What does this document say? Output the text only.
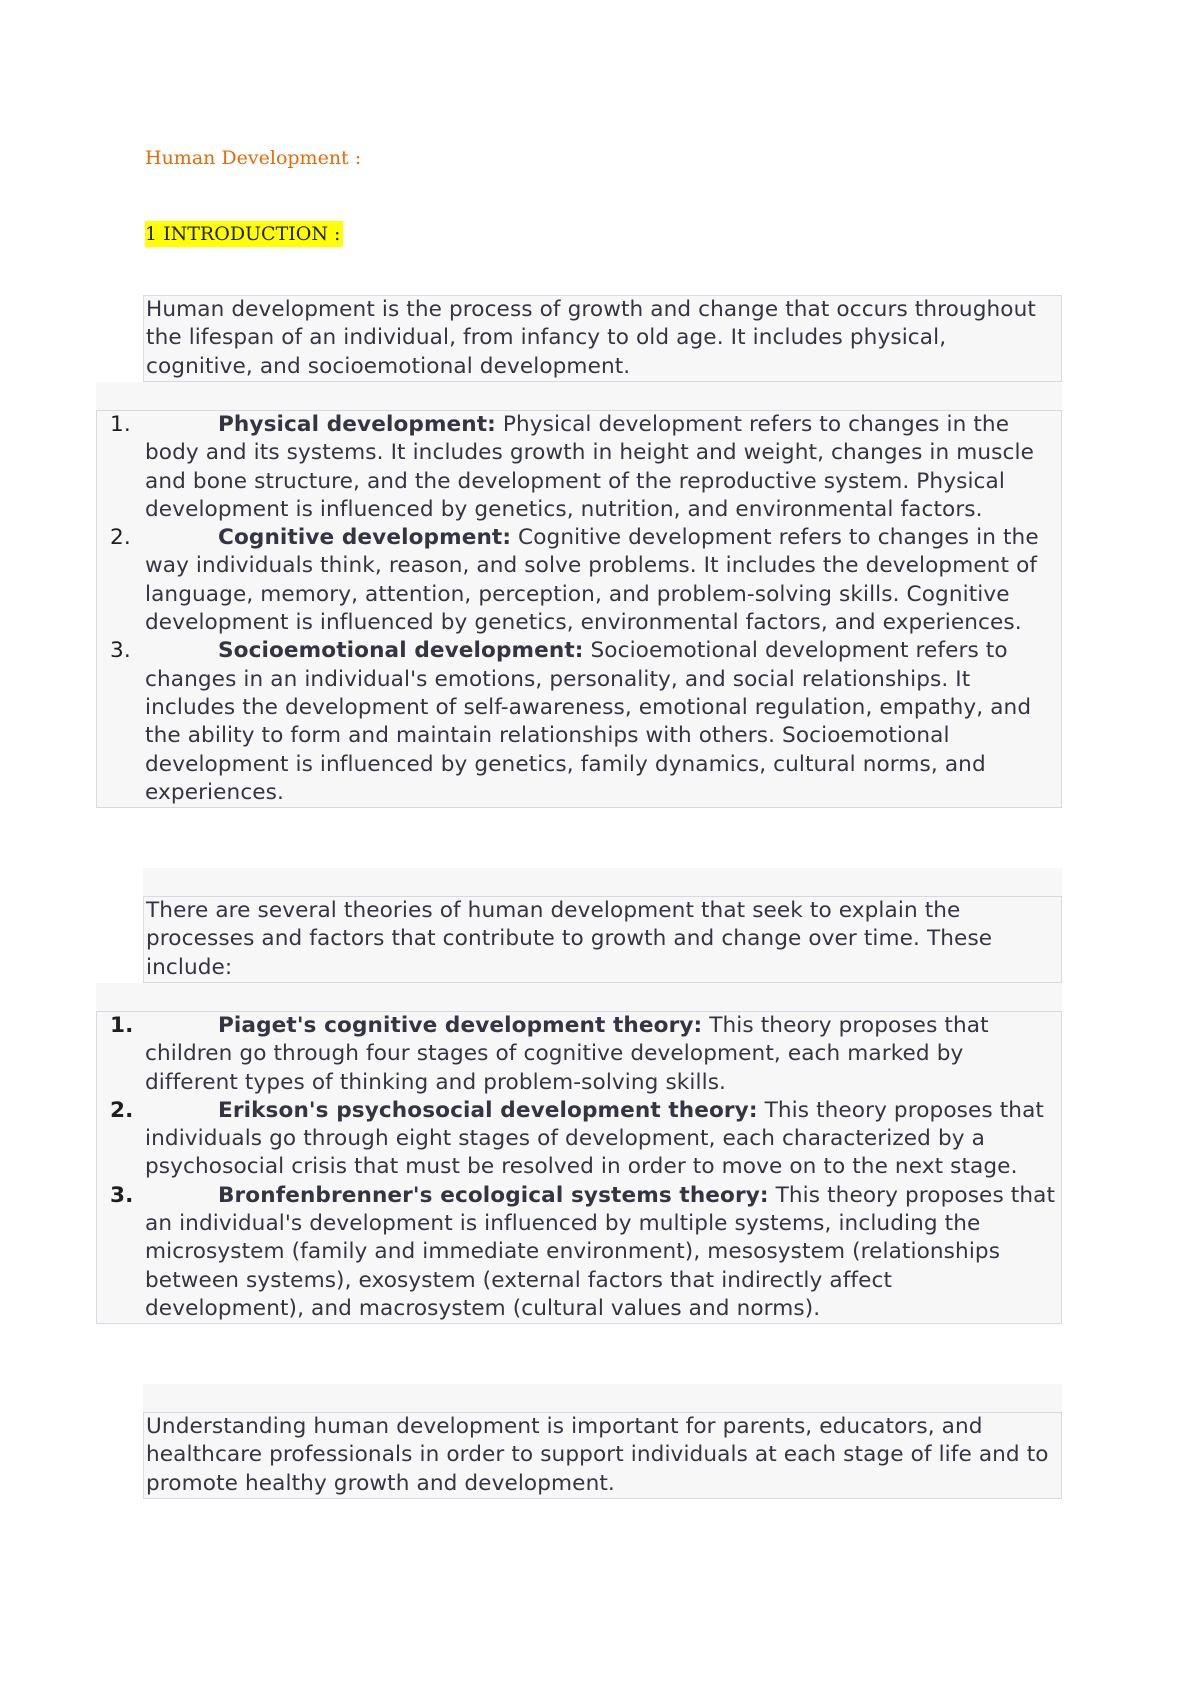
Human Development :
1 INTRODUCTION :

Human development is the process of growth and change that occurs throughout the lifespan of an individual, from infancy to old age. It includes physical, cognitive, and socioemotional development.

1.	Physical development: Physical development refers to changes in the body and its systems. It includes growth in height and weight, changes in muscle and bone structure, and the development of the reproductive system. Physical development is influenced by genetics, nutrition, and environmental factors.
2.	Cognitive development: Cognitive development refers to changes in the way individuals think, reason, and solve problems. It includes the development of language, memory, attention, perception, and problem-solving skills. Cognitive development is influenced by genetics, environmental factors, and experiences.
3.	Socioemotional development: Socioemotional development refers to changes in an individual's emotions, personality, and social relationships. It includes the development of self-awareness, emotional regulation, empathy, and the ability to form and maintain relationships with others. Socioemotional development is influenced by genetics, family dynamics, cultural norms, and experiences.

There are several theories of human development that seek to explain the processes and factors that contribute to growth and change over time. These include:

1.	Piaget's cognitive development theory: This theory proposes that children go through four stages of cognitive development, each marked by different types of thinking and problem-solving skills.
2.	Erikson's psychosocial development theory: This theory proposes that individuals go through eight stages of development, each characterized by a psychosocial crisis that must be resolved in order to move on to the next stage.
3.	Bronfenbrenner's ecological systems theory: This theory proposes that an individual's development is influenced by multiple systems, including the microsystem (family and immediate environment), mesosystem (relationships between systems), exosystem (external factors that indirectly affect development), and macrosystem (cultural values and norms).

Understanding human development is important for parents, educators, and healthcare professionals in order to support individuals at each stage of life and to promote healthy growth and development.
